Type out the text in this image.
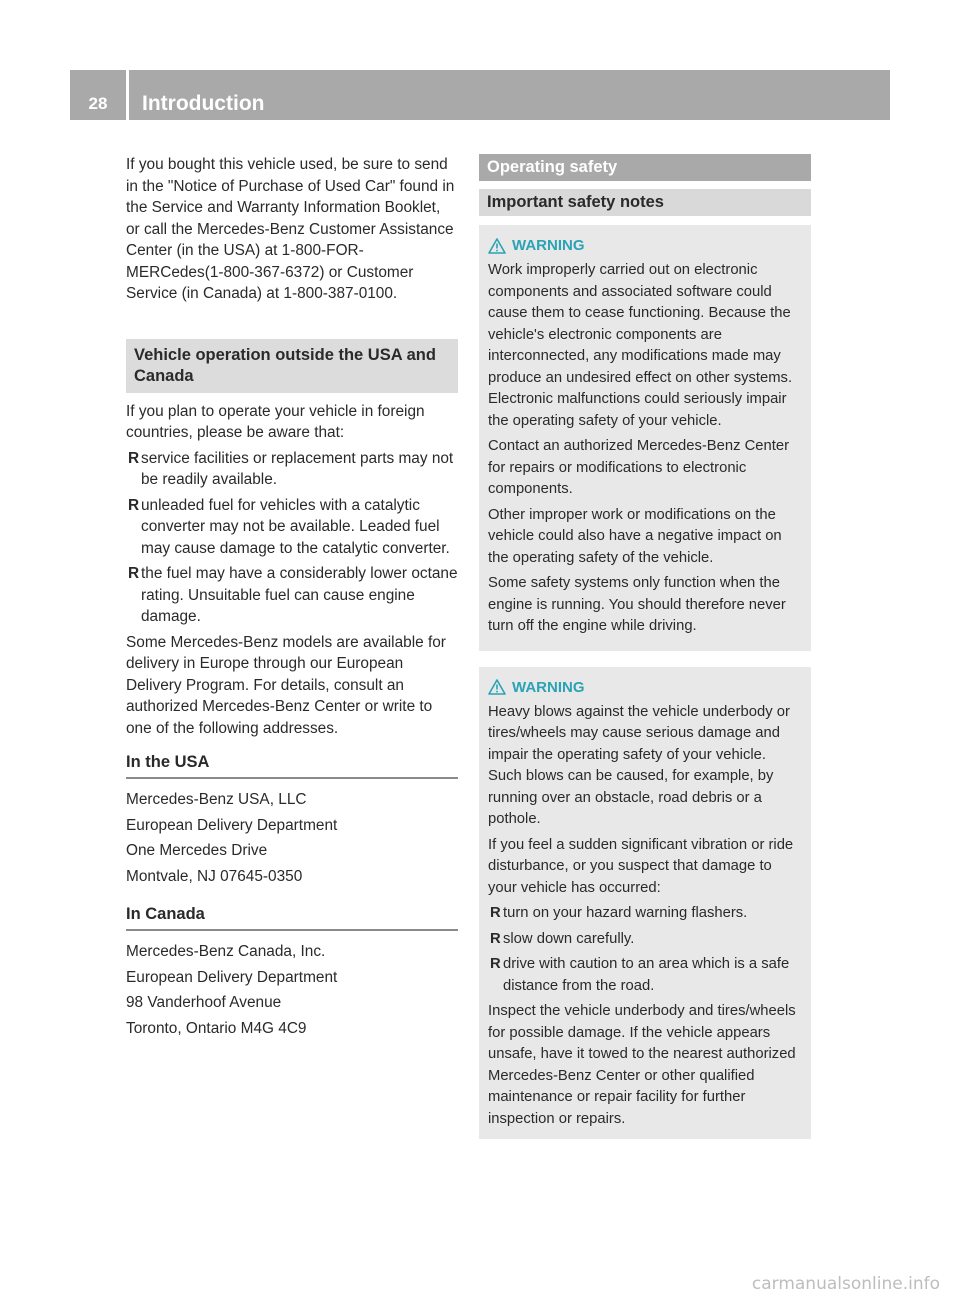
28	Introduction

If you bought this vehicle used, be sure to send in the "Notice of Purchase of Used Car" found in the Service and Warranty Information Booklet, or call the Mercedes-Benz Customer Assistance Center (in the USA) at 1-800-FOR-MERCedes(1-800-367-6372) or Customer Service (in Canada) at 1-800-387-0100.

Vehicle operation outside the USA and Canada

If you plan to operate your vehicle in foreign countries, please be aware that:

R service facilities or replacement parts may not be readily available.
R unleaded fuel for vehicles with a catalytic converter may not be available. Leaded fuel may cause damage to the catalytic converter.
R the fuel may have a considerably lower octane rating. Unsuitable fuel can cause engine damage.

Some Mercedes-Benz models are available for delivery in Europe through our European Delivery Program. For details, consult an authorized Mercedes-Benz Center or write to one of the following addresses.

In the USA
Mercedes-Benz USA, LLC
European Delivery Department
One Mercedes Drive
Montvale, NJ 07645-0350
In Canada
Mercedes-Benz Canada, Inc.
European Delivery Department
98 Vanderhoof Avenue
Toronto, Ontario M4G 4C9
Operating safety
Important safety notes
WARNING

Work improperly carried out on electronic components and associated software could cause them to cease functioning. Because the vehicle's electronic components are interconnected, any modifications made may produce an undesired effect on other systems. Electronic malfunctions could seriously impair the operating safety of your vehicle.

Contact an authorized Mercedes-Benz Center for repairs or modifications to electronic components.

Other improper work or modifications on the vehicle could also have a negative impact on the operating safety of the vehicle.

Some safety systems only function when the engine is running. You should therefore never turn off the engine while driving.

WARNING

Heavy blows against the vehicle underbody or tires/wheels may cause serious damage and impair the operating safety of your vehicle. Such blows can be caused, for example, by running over an obstacle, road debris or a pothole.

If you feel a sudden significant vibration or ride disturbance, or you suspect that damage to your vehicle has occurred:

R turn on your hazard warning flashers.
R slow down carefully.
R drive with caution to an area which is a safe distance from the road.

Inspect the vehicle underbody and tires/wheels for possible damage. If the vehicle appears unsafe, have it towed to the nearest authorized Mercedes-Benz Center or other qualified maintenance or repair facility for further inspection or repairs.

carmanualsonline.info
